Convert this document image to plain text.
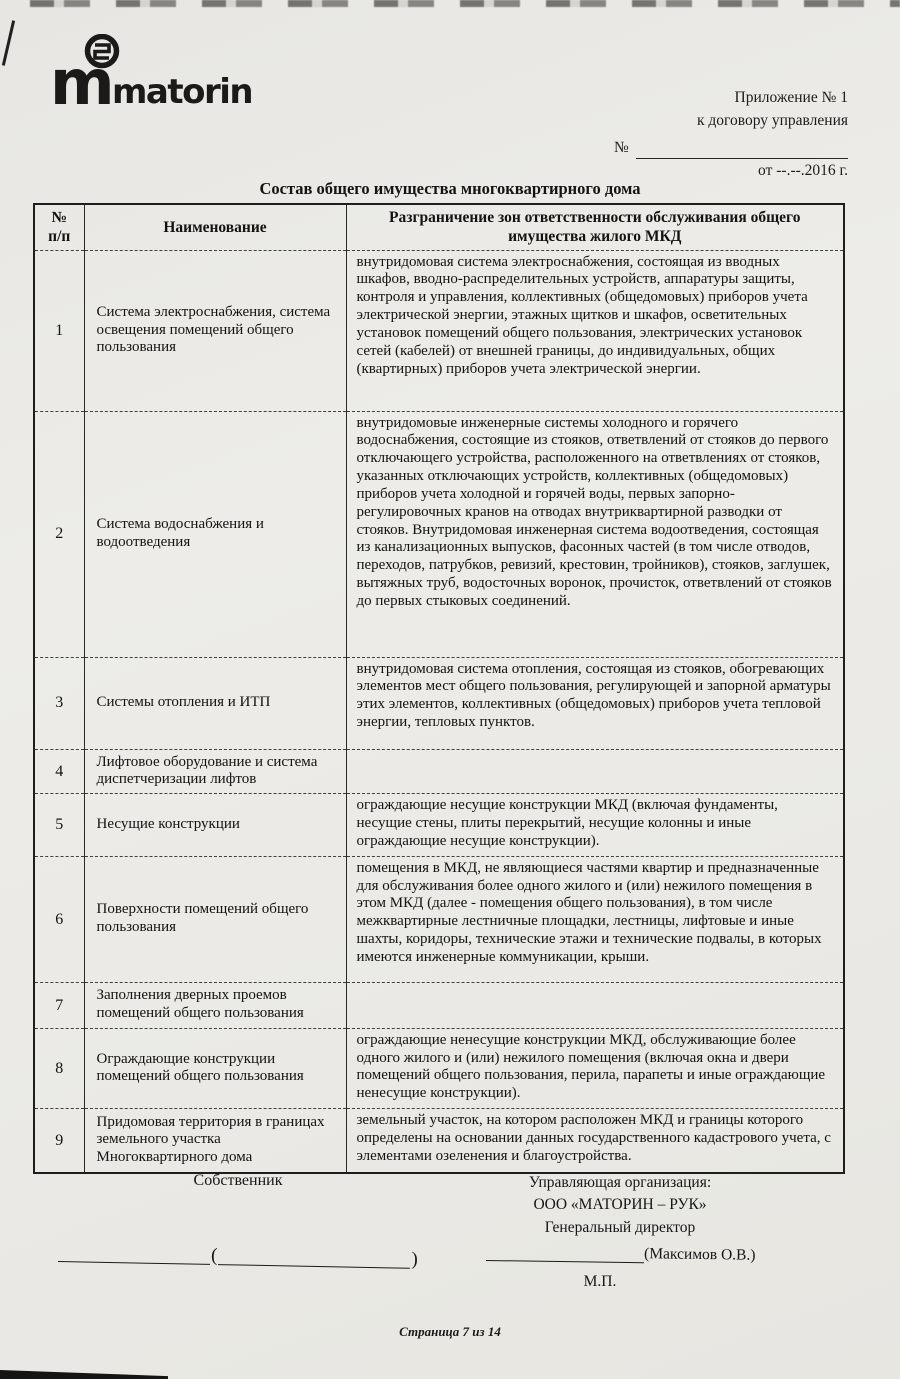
m
matorin	Приложение № 1
к договору управления
№
от --.--.2016 г.
Состав общего имущества многоквартирного дома
№ п/п	Наименование	Разграничение зон ответственности обслуживания общего имущества жилого МКД
1	Система электроснабжения, система освещения помещений общего пользования	внутридомовая система электроснабжения, состоящая из вводных шкафов, вводно-распределительных устройств, аппаратуры защиты, контроля и управления, коллективных (общедомовых) приборов учета электрической энергии, этажных щитков и шкафов, осветительных установок помещений общего пользования, электрических установок сетей (кабелей) от внешней границы, до индивидуальных, общих (квартирных) приборов учета электрической энергии.
2	Система водоснабжения и водоотведения	внутридомовые инженерные системы холодного и горячего водоснабжения, состоящие из стояков, ответвлений от стояков до первого отключающего устройства, расположенного на ответвлениях от стояков, указанных отключающих устройств, коллективных (общедомовых) приборов учета холодной и горячей воды, первых запорно-регулировочных кранов на отводах внутриквартирной разводки от стояков. Внутридомовая инженерная система водоотведения, состоящая из канализационных выпусков, фасонных частей (в том числе отводов, переходов, патрубков, ревизий, крестовин, тройников), стояков, заглушек, вытяжных труб, водосточных воронок, прочисток, ответвлений от стояков до первых стыковых соединений.
3	Системы отопления и ИТП	внутридомовая система отопления, состоящая из стояков, обогревающих элементов мест общего пользования, регулирующей и запорной арматуры этих элементов, коллективных (общедомовых) приборов учета тепловой энергии, тепловых пунктов.
4	Лифтовое оборудование и система диспетчеризации лифтов	
5	Несущие конструкции	ограждающие несущие конструкции МКД (включая фундаменты, несущие стены, плиты перекрытий, несущие колонны и иные ограждающие несущие конструкции).
6	Поверхности помещений общего пользования	помещения в МКД, не являющиеся частями квартир и предназначенные для обслуживания более одного жилого и (или) нежилого помещения в этом МКД (далее - помещения общего пользования), в том числе межквартирные лестничные площадки, лестницы, лифтовые и иные шахты, коридоры, технические этажи и технические подвалы, в которых имеются инженерные коммуникации, крыши.
7	Заполнения дверных проемов помещений общего пользования	
8	Ограждающие конструкции помещений общего пользования	ограждающие ненесущие конструкции МКД, обслуживающие более одного жилого и (или) нежилого помещения (включая окна и двери помещений общего пользования, перила, парапеты и иные ограждающие ненесущие конструкции).
9	Придомовая территория в границах земельного участка Многоквартирного дома	земельный участок, на котором расположен МКД и границы которого определены на основании данных государственного кадастрового учета, с элементами озеленения и благоустройства.
Собственник	Управляющая организация:
ООО «МАТОРИН – РУК»
Генеральный директор
(	)	(Максимов О.В.)
М.П.
Страница 7 из 14
